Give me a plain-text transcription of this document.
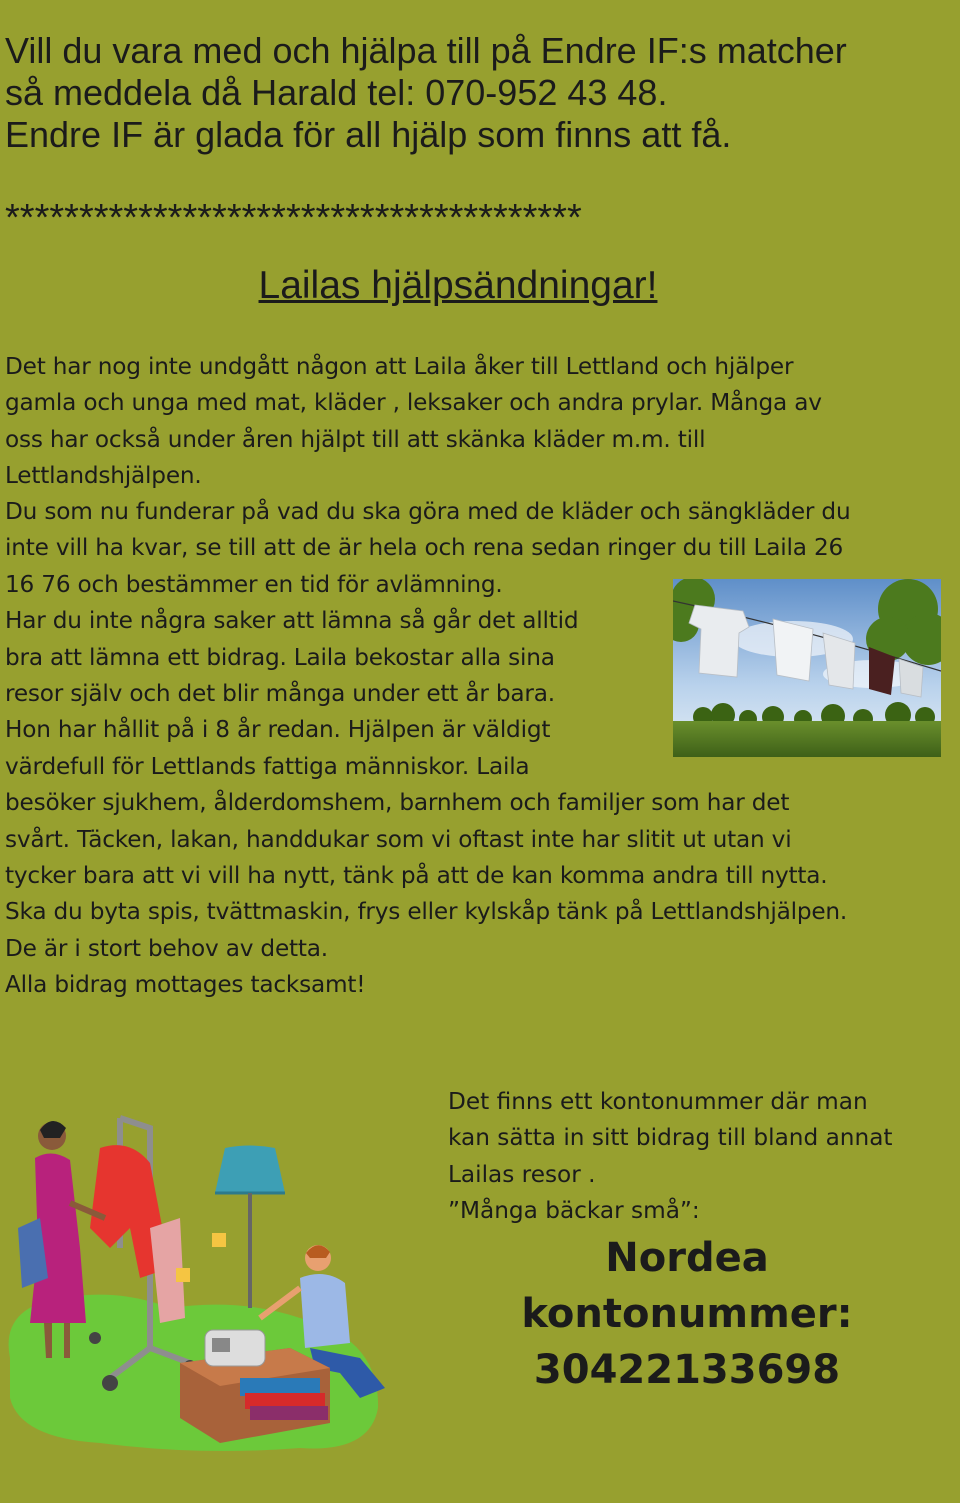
Vill du vara med och hjälpa till på Endre IF:s matcher
så meddela då Harald tel: 070-952 43 48.
Endre IF är glada för all hjälp som finns att få.
***************************************
Lailas hjälpsändningar!
Det har nog inte undgått någon att Laila åker till Lettland och hjälper
gamla och unga med mat, kläder , leksaker och andra prylar. Många av
oss har också under åren hjälpt till att skänka kläder m.m. till
Lettlandshjälpen.
Du som nu funderar på vad du ska göra med de kläder och sängkläder du
inte vill ha kvar, se till att de är hela och rena sedan ringer du till Laila 26
16 76 och bestämmer en tid för avlämning.
Har du inte några saker att lämna så går det alltid
bra att lämna ett bidrag. Laila bekostar alla sina
resor själv och det blir många under ett år bara.
Hon har hållit på i 8 år redan. Hjälpen är väldigt
värdefull för Lettlands fattiga människor. Laila
besöker sjukhem, ålderdomshem, barnhem och familjer som har det
svårt. Täcken, lakan, handdukar som vi oftast inte har slitit ut utan vi
tycker bara att vi vill ha nytt, tänk på att de kan komma andra till nytta.
Ska du byta spis, tvättmaskin, frys eller kylskåp tänk på Lettlandshjälpen.
De är i stort behov av detta.
Alla bidrag mottages tacksamt!
Det finns ett kontonummer där man
kan sätta in sitt bidrag till bland annat
Lailas resor .
”Många bäckar små”:
Nordea kontonummer:
30422133698
